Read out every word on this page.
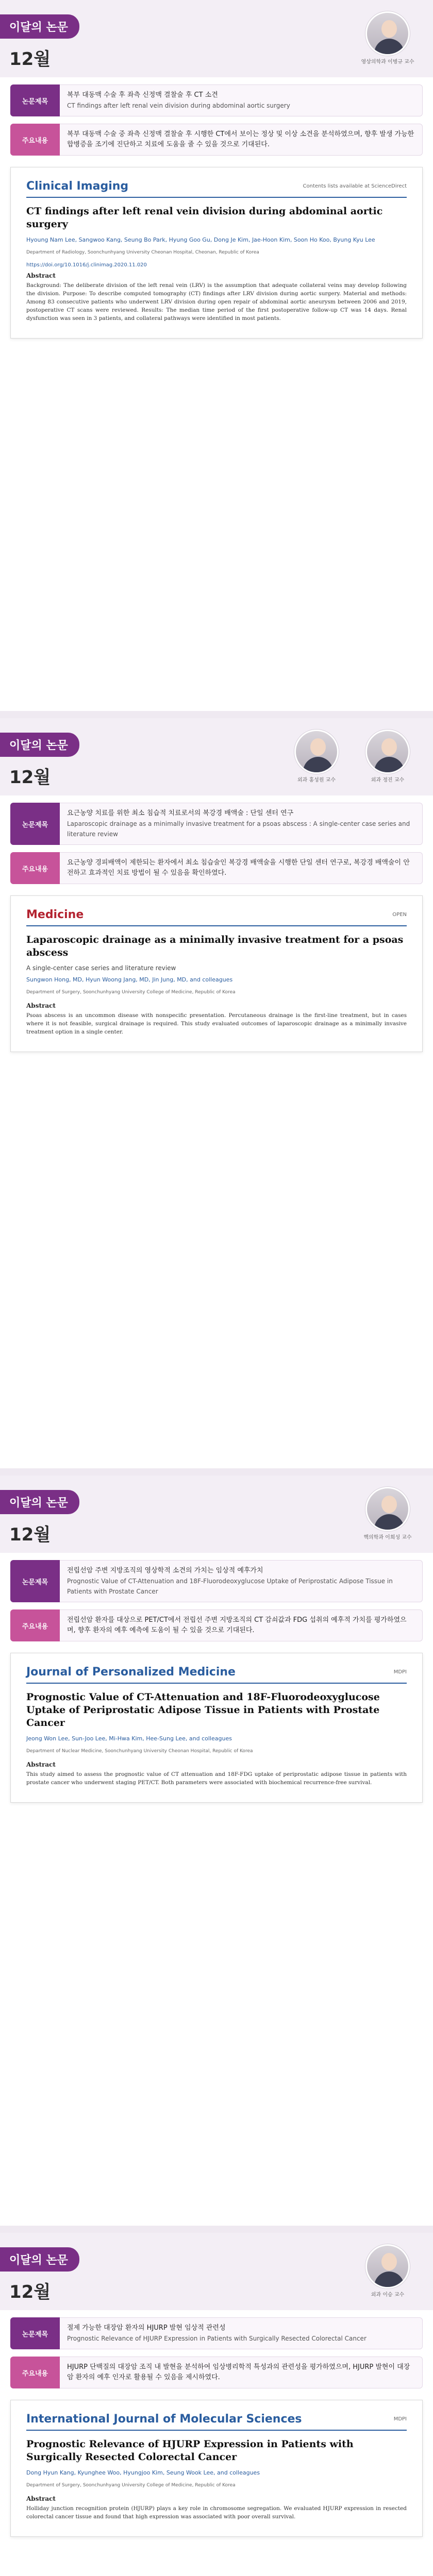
이달의 논문
12월	영상의학과 이병규 교수
논문제목
복부 대동맥 수술 후 좌측 신정맥 결찰술 후 CT 소견
CT findings after left renal vein division during abdominal aortic surgery
주요내용
복부 대동맥 수술 중 좌측 신정맥 결찰술 후 시행한 CT에서 보이는 정상 및 이상 소견을 분석하였으며, 향후 발생 가능한 합병증을 조기에 진단하고 치료에 도움을 줄 수 있을 것으로 기대된다.
Clinical Imaging	Contents lists available at ScienceDirect
CT findings after left renal vein division during abdominal aortic surgery
Hyoung Nam Lee, Sangwoo Kang, Seung Bo Park, Hyung Goo Gu, Dong Je Kim, Jae-Hoon Kim, Soon Ho Koo, Byung Kyu Lee
Department of Radiology, Soonchunhyang University Cheonan Hospital, Cheonan, Republic of Korea
https://doi.org/10.1016/j.clinimag.2020.11.020
Abstract
Background: The deliberate division of the left renal vein (LRV) is the assumption that adequate collateral veins may develop following the division. Purpose: To describe computed tomography (CT) findings after LRV division during aortic surgery. Material and methods: Among 83 consecutive patients who underwent LRV division during open repair of abdominal aortic aneurysm between 2006 and 2019, postoperative CT scans were reviewed. Results: The median time period of the first postoperative follow-up CT was 14 days. Renal dysfunction was seen in 3 patients, and collateral pathways were identified in most patients.
이달의 논문
12월	외과 홍성원 교수	외과 정진 교수
논문제목
요근농양 치료를 위한 최소 침습적 치료로서의 복강경 배액술 : 단일 센터 연구
Laparoscopic drainage as a minimally invasive treatment for a psoas abscess : A single-center case series and literature review
주요내용
요근농양 경피배액이 제한되는 환자에서 최소 침습술인 복강경 배액술을 시행한 단일 센터 연구로, 복강경 배액술이 안전하고 효과적인 치료 방법이 될 수 있음을 확인하였다.
Medicine	OPEN
Laparoscopic drainage as a minimally invasive treatment for a psoas abscess
A single-center case series and literature review
Sungwon Hong, MD, Hyun Woong Jang, MD, Jin Jung, MD, and colleagues
Department of Surgery, Soonchunhyang University College of Medicine, Republic of Korea
Abstract
Psoas abscess is an uncommon disease with nonspecific presentation. Percutaneous drainage is the first-line treatment, but in cases where it is not feasible, surgical drainage is required. This study evaluated outcomes of laparoscopic drainage as a minimally invasive treatment option in a single center.
이달의 논문
12월	핵의학과 이희성 교수
논문제목
전립선암 주변 지방조직의 영상학적 소견의 가치는 임상적 예후가치
Prognostic Value of CT-Attenuation and 18F-Fluorodeoxyglucose Uptake of Periprostatic Adipose Tissue in Patients with Prostate Cancer
주요내용
전립선암 환자를 대상으로 PET/CT에서 전립선 주변 지방조직의 CT 감쇠값과 FDG 섭취의 예후적 가치를 평가하였으며, 향후 환자의 예후 예측에 도움이 될 수 있을 것으로 기대된다.
Journal of Personalized Medicine	MDPI
Prognostic Value of CT-Attenuation and 18F-Fluorodeoxyglucose Uptake of Periprostatic Adipose Tissue in Patients with Prostate Cancer
Jeong Won Lee, Sun-Joo Lee, Mi-Hwa Kim, Hee-Sung Lee, and colleagues
Department of Nuclear Medicine, Soonchunhyang University Cheonan Hospital, Republic of Korea
Abstract
This study aimed to assess the prognostic value of CT attenuation and 18F-FDG uptake of periprostatic adipose tissue in patients with prostate cancer who underwent staging PET/CT. Both parameters were associated with biochemical recurrence-free survival.
이달의 논문
12월	외과 이승 교수
논문제목
절제 가능한 대장암 환자의 HJURP 발현 임상적 관련성
Prognostic Relevance of HJURP Expression in Patients with Surgically Resected Colorectal Cancer
주요내용
HJURP 단백질의 대장암 조직 내 발현을 분석하여 임상병리학적 특성과의 관련성을 평가하였으며, HJURP 발현이 대장암 환자의 예후 인자로 활용될 수 있음을 제시하였다.
International Journal of Molecular Sciences	MDPI
Prognostic Relevance of HJURP Expression in Patients with Surgically Resected Colorectal Cancer
Dong Hyun Kang, Kyunghee Woo, Hyungjoo Kim, Seung Wook Lee, and colleagues
Department of Surgery, Soonchunhyang University College of Medicine, Republic of Korea
Abstract
Holliday junction recognition protein (HJURP) plays a key role in chromosome segregation. We evaluated HJURP expression in resected colorectal cancer tissue and found that high expression was associated with poor overall survival.
